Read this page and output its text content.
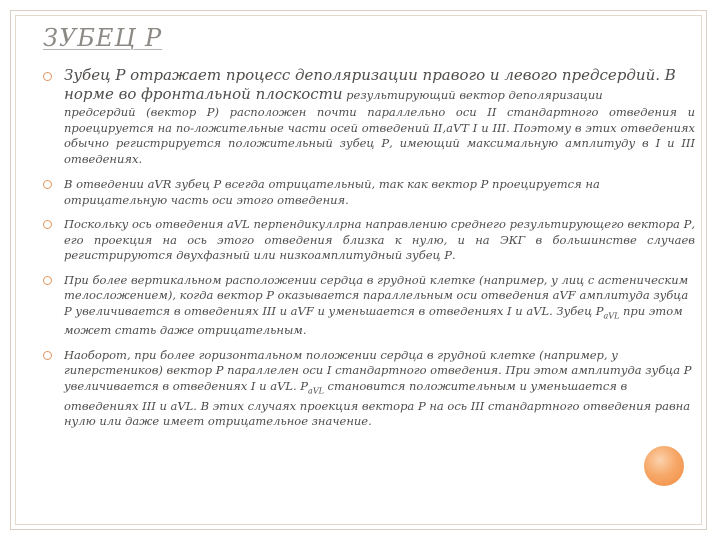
ЗУБЕЦ Р
Зубец Р отражает процесс деполяризации правого и левого предсердий. В норме во фронтальной плоскости результирующий вектор деполяризации
предсердий (вектор Р) расположен почти параллельно оси II стандартного отведения и проецируется на по-ложительные части осей отведений II,aVT I и III. Поэтому в этих отведениях обычно регистрируется положительный зубец Р, имеющий максимальную амплитуду в I и III отведениях.
В отведении aVR зубец Р всегда отрицательный, так как вектор Р проецируется на отрицательную часть оси этого отведения.
Поскольку ось отведения aVL перпендикуллрна направлению среднего результирующего вектора Р, его проекция на ось этого отведения близка к нулю, и на ЭКГ в большинстве случаев регистрируются двухфазный или низкоамплитудный зубец Р.
При более вертикальном расположении сердца в грудной клетке (например, у лиц с астеническим телосложением), когда вектор Р оказывается параллельным оси отведения aVF амплитуда зубца Р увеличивается в отведениях III и aVF и уменьшается в отведениях I и aVL. Зубец $P_{aVL}$ при этом может стать даже отрицательным.
Наоборот, при более горизонтальном положении сердца в грудной клетке (например, у гиперстеников) вектор Р параллелен оси I стандартного отведения. При этом амплитуда зубца Р увеличивается в отведениях I и aVL. $P_{aVL}$ становится положительным и уменьшается в отведениях III и aVL. В этих случаях проекция вектора Р на ось III стандартного отведения равна нулю или даже имеет отрицательное значение.
